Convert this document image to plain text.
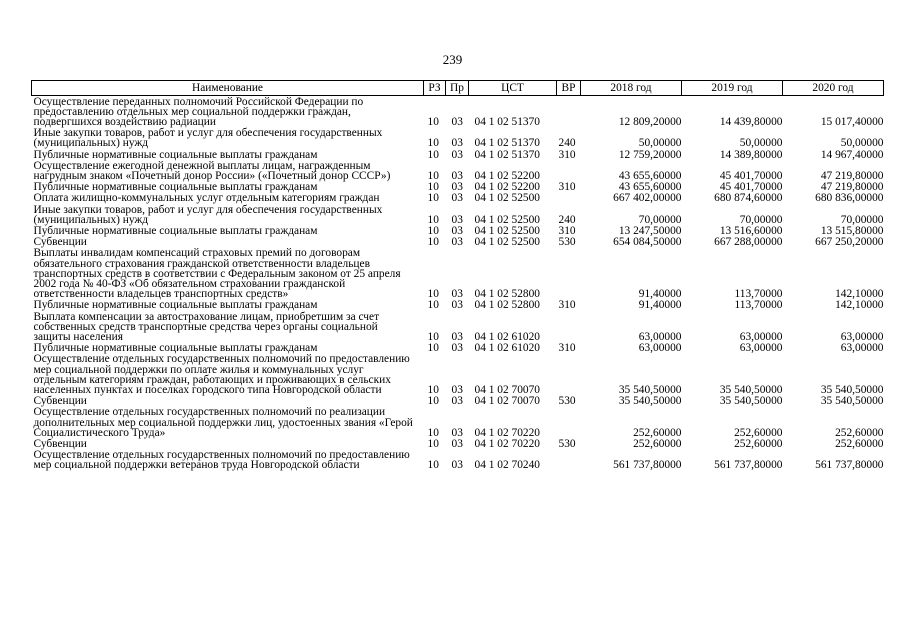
239
Наименование	РЗ	Пр	ЦСТ	ВР	2018 год	2019 год	2020 год
Осуществление переданных полномочий Российской Федерации по предоставлению отдельных мер социальной поддержки граждан, подвергшихся воздействию радиации	10	03	04 1 02 51370		12 809,20000	14 439,80000	15 017,40000
Иные закупки товаров, работ и услуг для обеспечения государственных (муниципальных) нужд	10	03	04 1 02 51370	240	50,00000	50,00000	50,00000
Публичные нормативные социальные выплаты гражданам	10	03	04 1 02 51370	310	12 759,20000	14 389,80000	14 967,40000
Осуществление ежегодной денежной выплаты лицам, награжденным нагрудным знаком «Почетный донор России» («Почетный донор СССР»)	10	03	04 1 02 52200		43 655,60000	45 401,70000	47 219,80000
Публичные нормативные социальные выплаты гражданам	10	03	04 1 02 52200	310	43 655,60000	45 401,70000	47 219,80000
Оплата жилищно-коммунальных услуг отдельным категориям граждан	10	03	04 1 02 52500		667 402,00000	680 874,60000	680 836,00000
Иные закупки товаров, работ и услуг для обеспечения государственных (муниципальных) нужд	10	03	04 1 02 52500	240	70,00000	70,00000	70,00000
Публичные нормативные социальные выплаты гражданам	10	03	04 1 02 52500	310	13 247,50000	13 516,60000	13 515,80000
Субвенции	10	03	04 1 02 52500	530	654 084,50000	667 288,00000	667 250,20000
Выплаты инвалидам компенсаций страховых премий по договорам обязательного страхования гражданской ответственности владельцев транспортных средств в соответствии с Федеральным законом от 25 апреля 2002 года № 40-ФЗ «Об обязательном страховании гражданской ответственности владельцев транспортных средств»	10	03	04 1 02 52800		91,40000	113,70000	142,10000
Публичные нормативные социальные выплаты гражданам	10	03	04 1 02 52800	310	91,40000	113,70000	142,10000
Выплата компенсации за автострахование лицам, приобретшим за счет собственных средств транспортные средства через органы социальной защиты населения	10	03	04 1 02 61020		63,00000	63,00000	63,00000
Публичные нормативные социальные выплаты гражданам	10	03	04 1 02 61020	310	63,00000	63,00000	63,00000
Осуществление отдельных государственных полномочий по предоставлению мер социальной поддержки по оплате жилья и коммунальных услуг отдельным категориям граждан, работающих и проживающих в сельских населенных пунктах и поселках городского типа Новгородской области	10	03	04 1 02 70070		35 540,50000	35 540,50000	35 540,50000
Субвенции	10	03	04 1 02 70070	530	35 540,50000	35 540,50000	35 540,50000
Осуществление отдельных государственных полномочий по реализации дополнительных мер социальной поддержки лиц, удостоенных звания «Герой Социалистического Труда»	10	03	04 1 02 70220		252,60000	252,60000	252,60000
Субвенции	10	03	04 1 02 70220	530	252,60000	252,60000	252,60000
Осуществление отдельных государственных полномочий по предоставлению мер социальной поддержки ветеранов труда Новгородской области	10	03	04 1 02 70240		561 737,80000	561 737,80000	561 737,80000
